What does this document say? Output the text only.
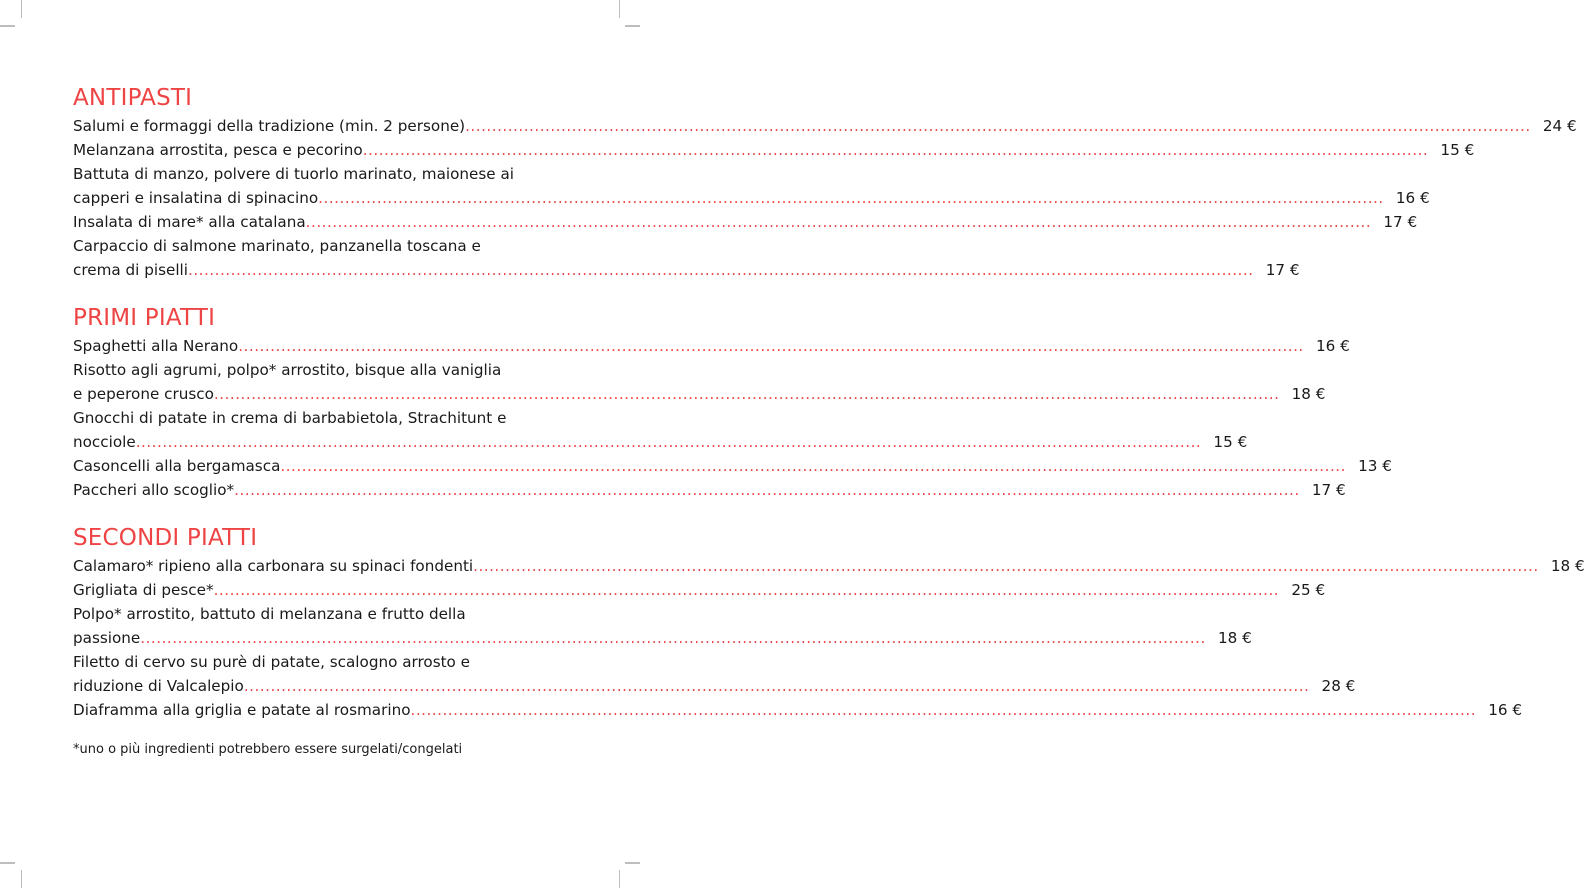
ANTIPASTI
Salumi e formaggi della tradizione (min. 2 persone) ........................................................................................................................................................................................................ 24 €
Melanzana arrostita, pesca e pecorino ........................................................................................................................................................................................................ 15 €
Battuta di manzo, polvere di tuorlo marinato, maionese ai
capperi e insalatina di spinacino ........................................................................................................................................................................................................ 16 €
Insalata di mare* alla catalana ........................................................................................................................................................................................................ 17 €
Carpaccio di salmone marinato, panzanella toscana e
crema di piselli ........................................................................................................................................................................................................ 17 €
PRIMI PIATTI
Spaghetti alla Nerano ........................................................................................................................................................................................................ 16 €
Risotto agli agrumi, polpo* arrostito, bisque alla vaniglia
e peperone crusco ........................................................................................................................................................................................................ 18 €
Gnocchi di patate in crema di barbabietola, Strachitunt e
nocciole ........................................................................................................................................................................................................ 15 €
Casoncelli alla bergamasca ........................................................................................................................................................................................................ 13 €
Paccheri allo scoglio* ........................................................................................................................................................................................................ 17 €
SECONDI PIATTI
Calamaro* ripieno alla carbonara su spinaci fondenti ........................................................................................................................................................................................................ 18 €
Grigliata di pesce* ........................................................................................................................................................................................................ 25 €
Polpo* arrostito, battuto di melanzana e frutto della
passione ........................................................................................................................................................................................................ 18 €
Filetto di cervo su purè di patate, scalogno arrosto e
riduzione di Valcalepio ........................................................................................................................................................................................................ 28 €
Diaframma alla griglia e patate al rosmarino ........................................................................................................................................................................................................ 16 €
*uno o più ingredienti potrebbero essere surgelati/congelati
